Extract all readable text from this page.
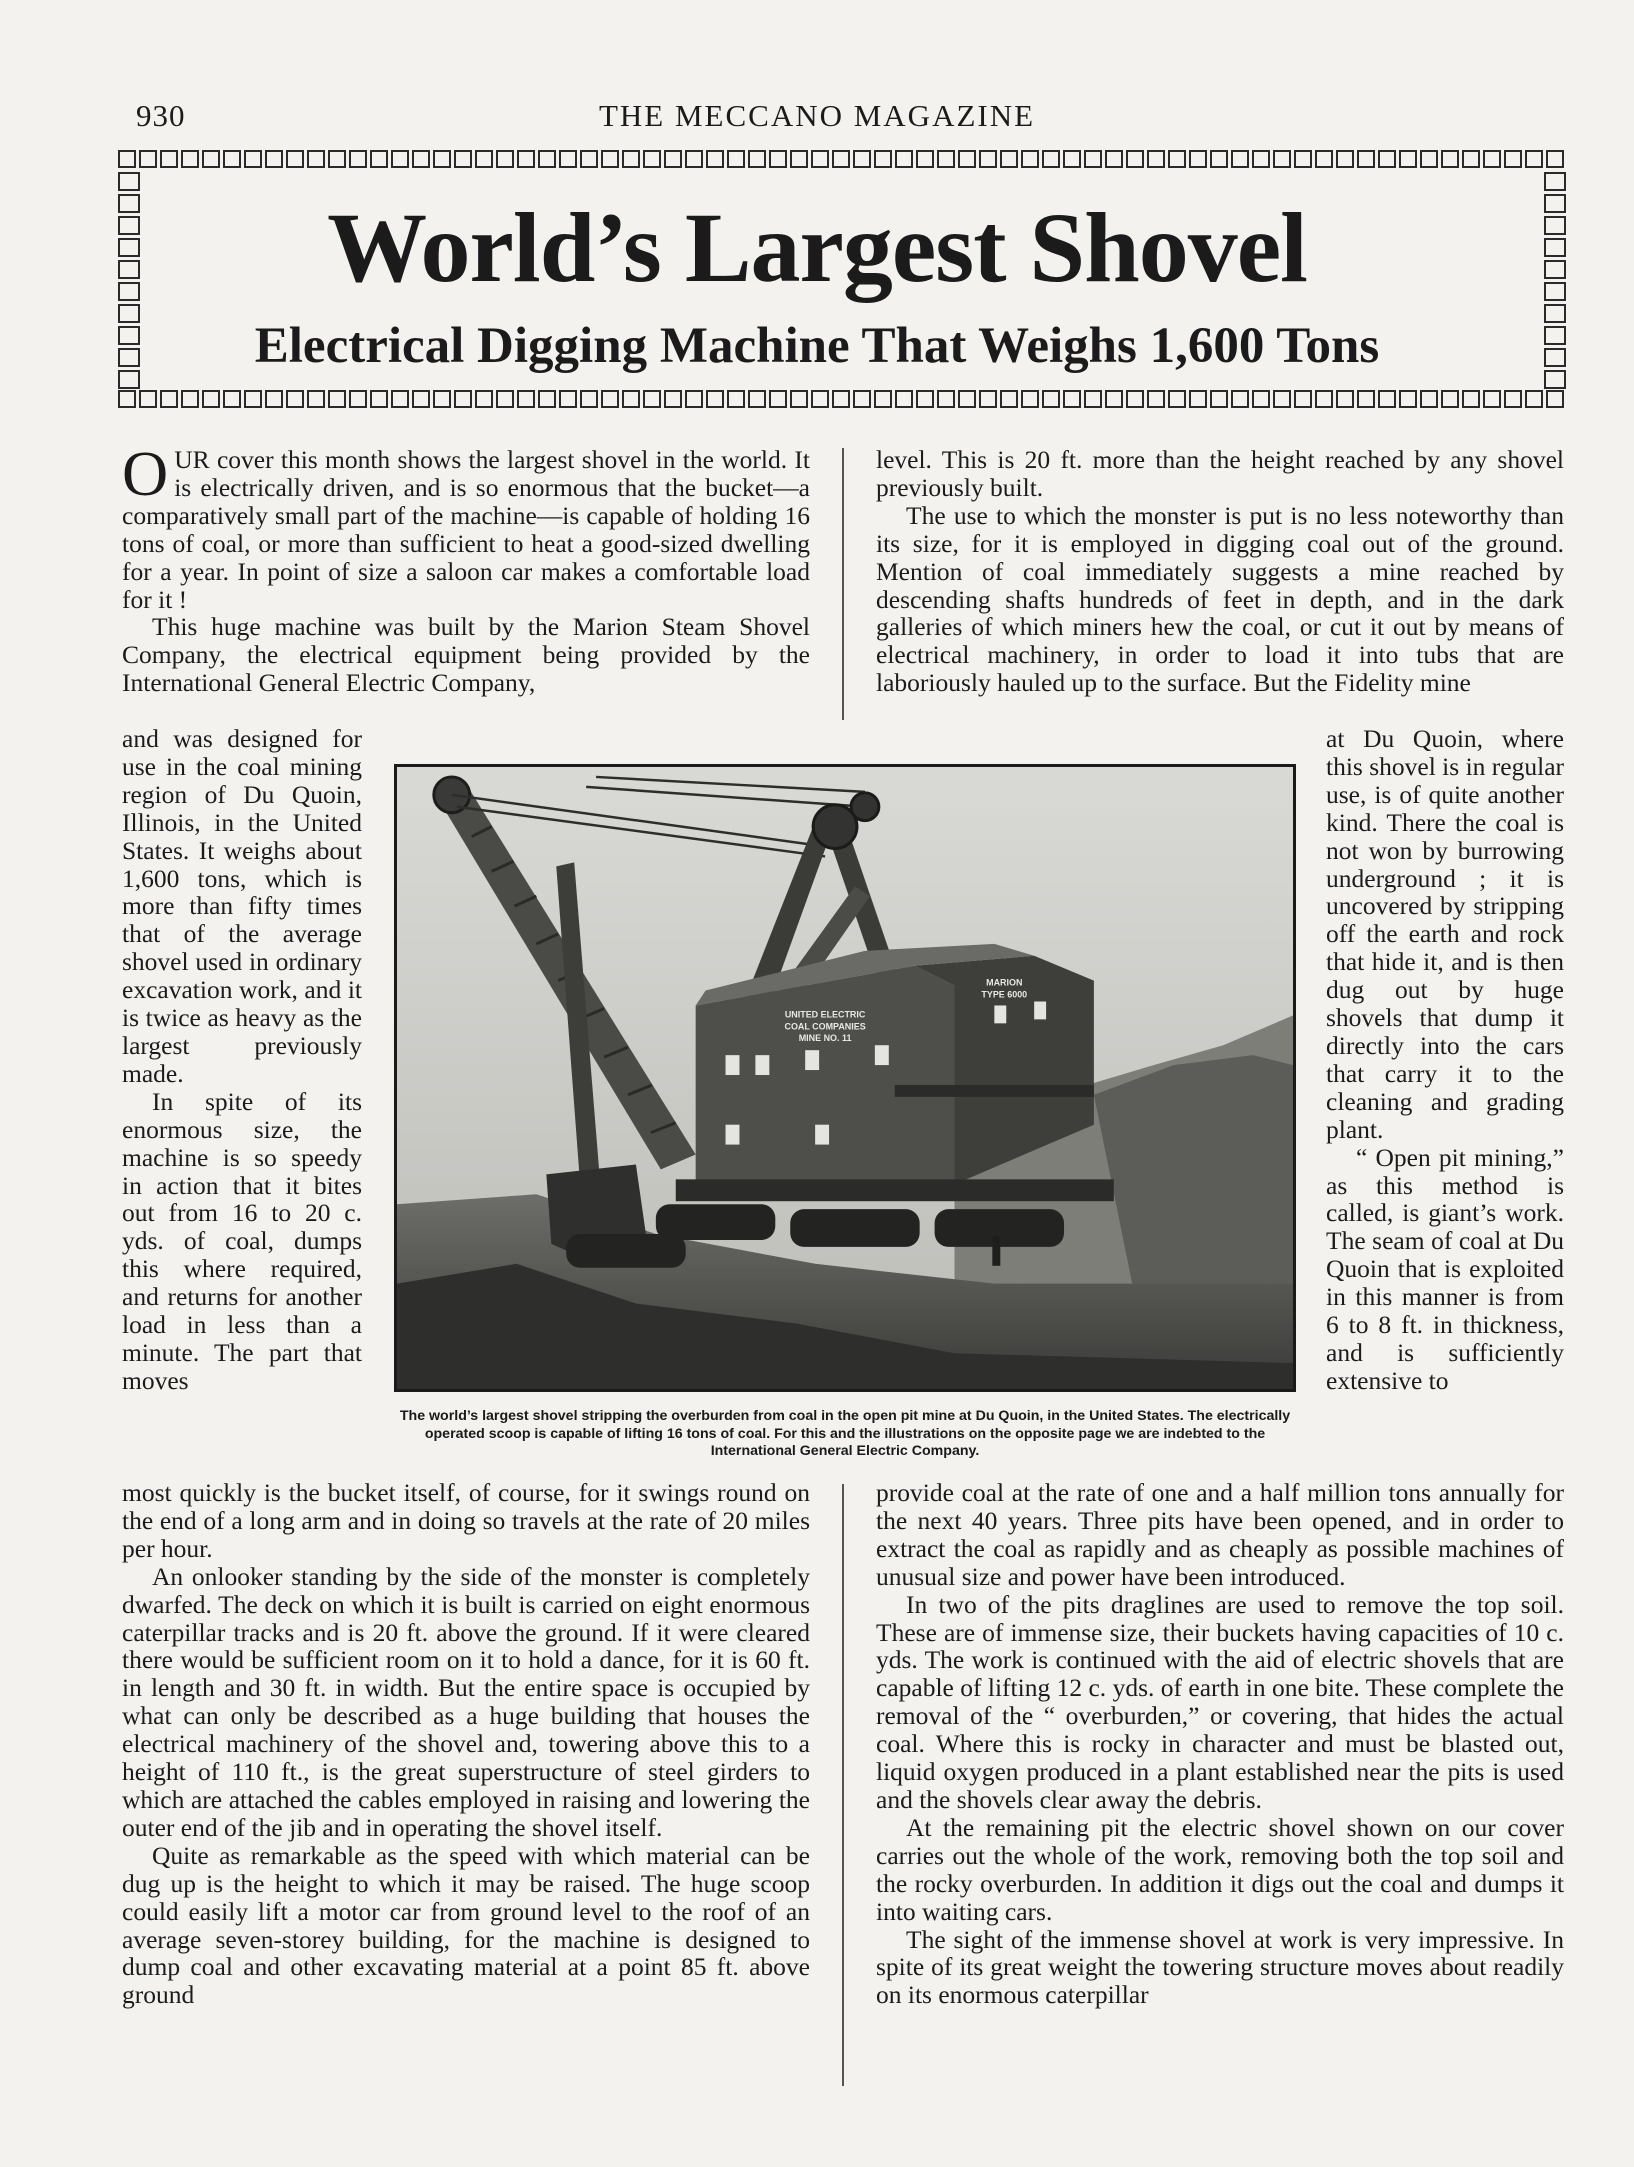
930	THE MECCANO MAGAZINE
World’s Largest Shovel
Electrical Digging Machine That Weighs 1,600 Tons

OUR cover this month shows the largest shovel in the world. It is electrically driven, and is so enormous that the bucket—a comparatively small part of the machine—is capable of holding 16 tons of coal, or more than sufficient to heat a good-sized dwelling for a year. In point of size a saloon car makes a comfortable load for it !

This huge machine was built by the Marion Steam Shovel Company, the electrical equipment being provided by the International General Electric Company,

and was designed for use in the coal mining region of Du Quoin, Illinois, in the United States. It weighs about 1,600 tons, which is more than fifty times that of the average shovel used in ordinary excavation work, and it is twice as heavy as the largest previously made.

In spite of its enormous size, the machine is so speedy in action that it bites out from 16 to 20 c. yds. of coal, dumps this where required, and returns for another load in less than a minute. The part that moves

most quickly is the bucket itself, of course, for it swings round on the end of a long arm and in doing so travels at the rate of 20 miles per hour.

An onlooker standing by the side of the monster is completely dwarfed. The deck on which it is built is carried on eight enormous caterpillar tracks and is 20 ft. above the ground. If it were cleared there would be sufficient room on it to hold a dance, for it is 60 ft. in length and 30 ft. in width. But the entire space is occupied by what can only be described as a huge building that houses the electrical machinery of the shovel and, towering above this to a height of 110 ft., is the great superstructure of steel girders to which are attached the cables employed in raising and lowering the outer end of the jib and in operating the shovel itself.

Quite as remarkable as the speed with which material can be dug up is the height to which it may be raised. The huge scoop could easily lift a motor car from ground level to the roof of an average seven-storey building, for the machine is designed to dump coal and other excavating material at a point 85 ft. above ground

level. This is 20 ft. more than the height reached by any shovel previously built.

The use to which the monster is put is no less noteworthy than its size, for it is employed in digging coal out of the ground. Mention of coal immediately suggests a mine reached by descending shafts hundreds of feet in depth, and in the dark galleries of which miners hew the coal, or cut it out by means of electrical machinery, in order to load it into tubs that are laboriously hauled up to the surface. But the Fidelity mine

at Du Quoin, where this shovel is in regular use, is of quite another kind. There the coal is not won by burrowing underground ; it is uncovered by stripping off the earth and rock that hide it, and is then dug out by huge shovels that dump it directly into the cars that carry it to the cleaning and grading plant.

“ Open pit mining,” as this method is called, is giant’s work. The seam of coal at Du Quoin that is exploited in this manner is from 6 to 8 ft. in thickness, and is sufficiently extensive to

provide coal at the rate of one and a half million tons annually for the next 40 years. Three pits have been opened, and in order to extract the coal as rapidly and as cheaply as possible machines of unusual size and power have been introduced.

In two of the pits draglines are used to remove the top soil. These are of immense size, their buckets having capacities of 10 c. yds. The work is continued with the aid of electric shovels that are capable of lifting 12 c. yds. of earth in one bite. These complete the removal of the “ overburden,” or covering, that hides the actual coal. Where this is rocky in character and must be blasted out, liquid oxygen produced in a plant established near the pits is used and the shovels clear away the debris.

At the remaining pit the electric shovel shown on our cover carries out the whole of the work, removing both the top soil and the rocky overburden. In addition it digs out the coal and dumps it into waiting cars.

The sight of the immense shovel at work is very impressive. In spite of its great weight the towering structure moves about readily on its enormous caterpillar

UNITED ELECTRIC
COAL COMPANIES
MINE NO. 11
MARION
TYPE 6000
The world’s largest shovel stripping the overburden from coal in the open pit mine at Du Quoin, in the United States. The electrically operated scoop is capable of lifting 16 tons of coal. For this and the illustrations on the opposite page we are indebted to the International General Electric Company.
